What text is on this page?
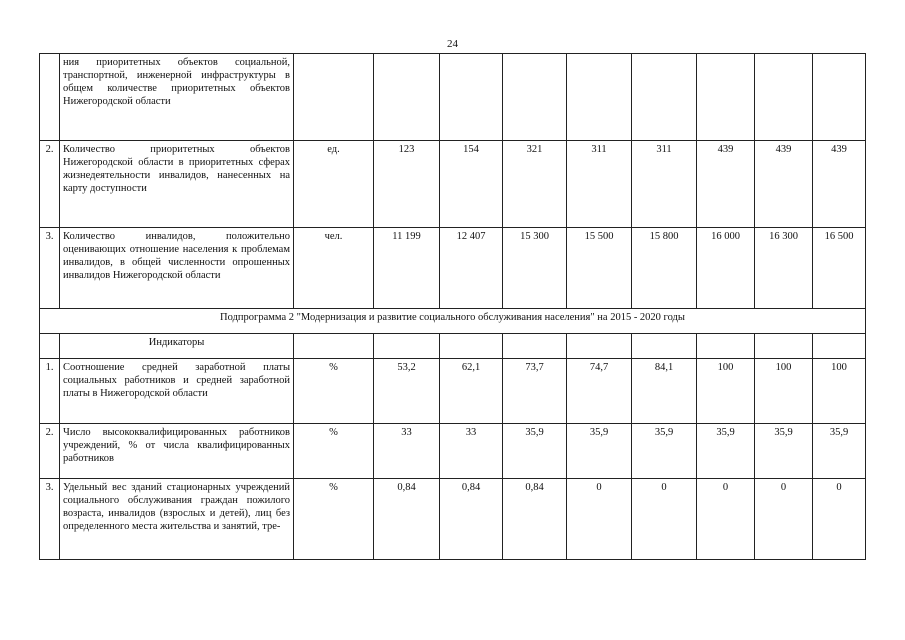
24
	ния приоритетных объектов социальной, транспортной, инженерной инфраструктуры в общем количестве приоритетных объектов Нижегородской области									
2.	Количество приоритетных объектов Нижегородской области в приоритетных сферах жизнедеятельности инвалидов, нанесенных на карту доступности	ед.	123	154	321	311	311	439	439	439
3.	Количество инвалидов, положительно оценивающих отношение населения к проблемам инвалидов, в общей численности опрошенных инвалидов Нижегородской области	чел.	11 199	12 407	15 300	15 500	15 800	16 000	16 300	16 500
Подпрограмма 2 "Модернизация и развитие социального обслуживания населения" на 2015 - 2020 годы										
	Индикаторы									
1.	Соотношение средней заработной платы социальных работников и средней заработной платы в Нижегородской области	%	53,2	62,1	73,7	74,7	84,1	100	100	100
2.	Число высококвалифицированных работников учреждений, % от числа квалифицированных работников	%	33	33	35,9	35,9	35,9	35,9	35,9	35,9
3.	Удельный вес зданий стационарных учреждений социального обслуживания граждан пожилого возраста, инвалидов (взрослых и детей), лиц без определенного места жительства и занятий, тре-	%	0,84	0,84	0,84	0	0	0	0	0
